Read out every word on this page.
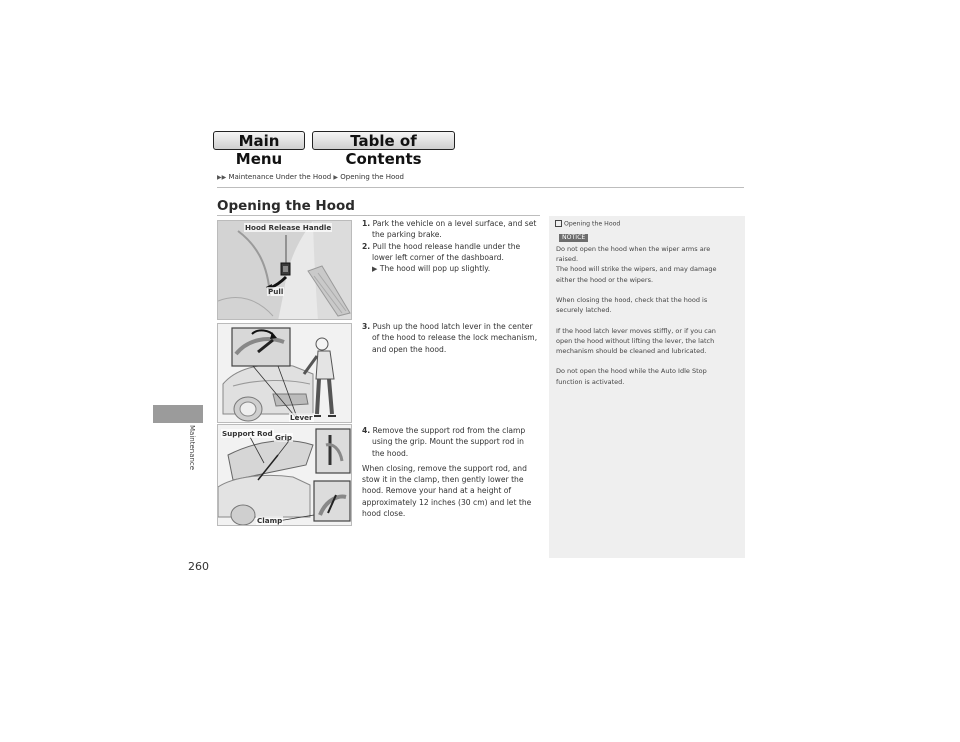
Main Menu
Table of Contents
▶▶ Maintenance Under the Hood ▶ Opening the Hood
Maintenance
260
Opening the Hood
Hood Release Handle
Pull
Lever
Support Rod Grip
Clamp
1. Park the vehicle on a level surface, and set
the parking brake.
2. Pull the hood release handle under the
lower left corner of the dashboard.
▶ The hood will pop up slightly.
3. Push up the hood latch lever in the center
of the hood to release the lock mechanism,
and open the hood.
4. Remove the support rod from the clamp
using the grip. Mount the support rod in
the hood.
When closing, remove the support rod, and
stow it in the clamp, then gently lower the
hood. Remove your hand at a height of
approximately 12 inches (30 cm) and let the
hood close.
Opening the Hood
NOTICE

Do not open the hood when the wiper arms are
raised.
The hood will strike the wipers, and may damage
either the hood or the wipers.

When closing the hood, check that the hood is
securely latched.

If the hood latch lever moves stiffly, or if you can
open the hood without lifting the lever, the latch
mechanism should be cleaned and lubricated.

Do not open the hood while the Auto Idle Stop
function is activated.
